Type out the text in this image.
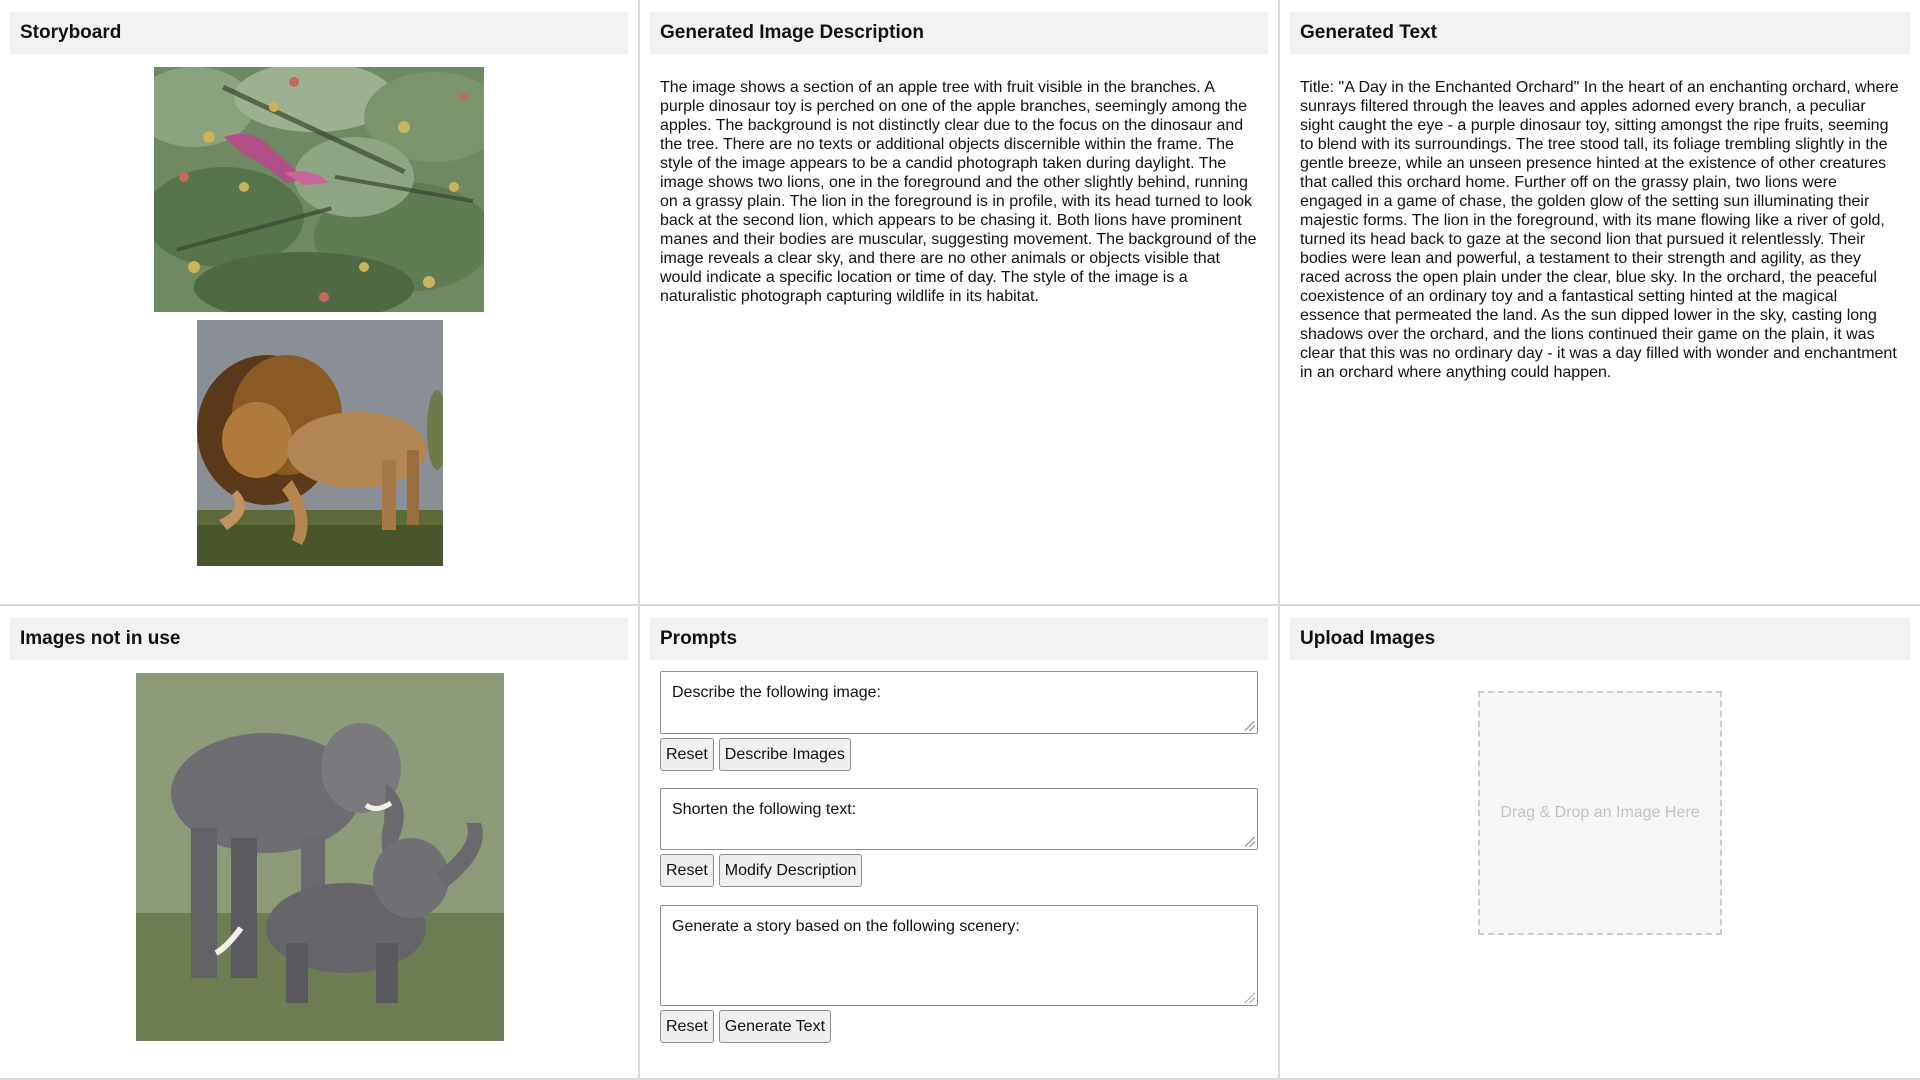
Storyboard	Generated Image Description
The image shows a section of an apple tree with fruit visible in the branches. A purple dinosaur toy is perched on one of the apple branches, seemingly among the apples. The background is not distinctly clear due to the focus on the dinosaur and the tree. There are no texts or additional objects discernible within the frame. The style of the image appears to be a candid photograph taken during daylight. The image shows two lions, one in the foreground and the other slightly behind, running on a grassy plain. The lion in the foreground is in profile, with its head turned to look back at the second lion, which appears to be chasing it. Both lions have prominent manes and their bodies are muscular, suggesting movement. The background of the image reveals a clear sky, and there are no other animals or objects visible that would indicate a specific location or time of day. The style of the image is a naturalistic photograph capturing wildlife in its habitat.
Generated Text
Title: "A Day in the Enchanted Orchard" In the heart of an enchanting orchard, where sunrays filtered through the leaves and apples adorned every branch, a peculiar sight caught the eye - a purple dinosaur toy, sitting amongst the ripe fruits, seeming to blend with its surroundings. The tree stood tall, its foliage trembling slightly in the gentle breeze, while an unseen presence hinted at the existence of other creatures that called this orchard home. Further off on the grassy plain, two lions were engaged in a game of chase, the golden glow of the setting sun illuminating their majestic forms. The lion in the foreground, with its mane flowing like a river of gold, turned its head back to gaze at the second lion that pursued it relentlessly. Their bodies were lean and powerful, a testament to their strength and agility, as they raced across the open plain under the clear, blue sky. In the orchard, the peaceful coexistence of an ordinary toy and a fantastical setting hinted at the magical essence that permeated the land. As the sun dipped lower in the sky, casting long shadows over the orchard, and the lions continued their game on the plain, it was clear that this was no ordinary day - it was a day filled with wonder and enchantment in an orchard where anything could happen.
Images not in use	Prompts
Describe the following image:
Reset	Describe Images
Shorten the following text:
Reset	Modify Description
Generate a story based on the following scenery:
Reset	Generate Text
Upload Images
Drag & Drop an Image Here
